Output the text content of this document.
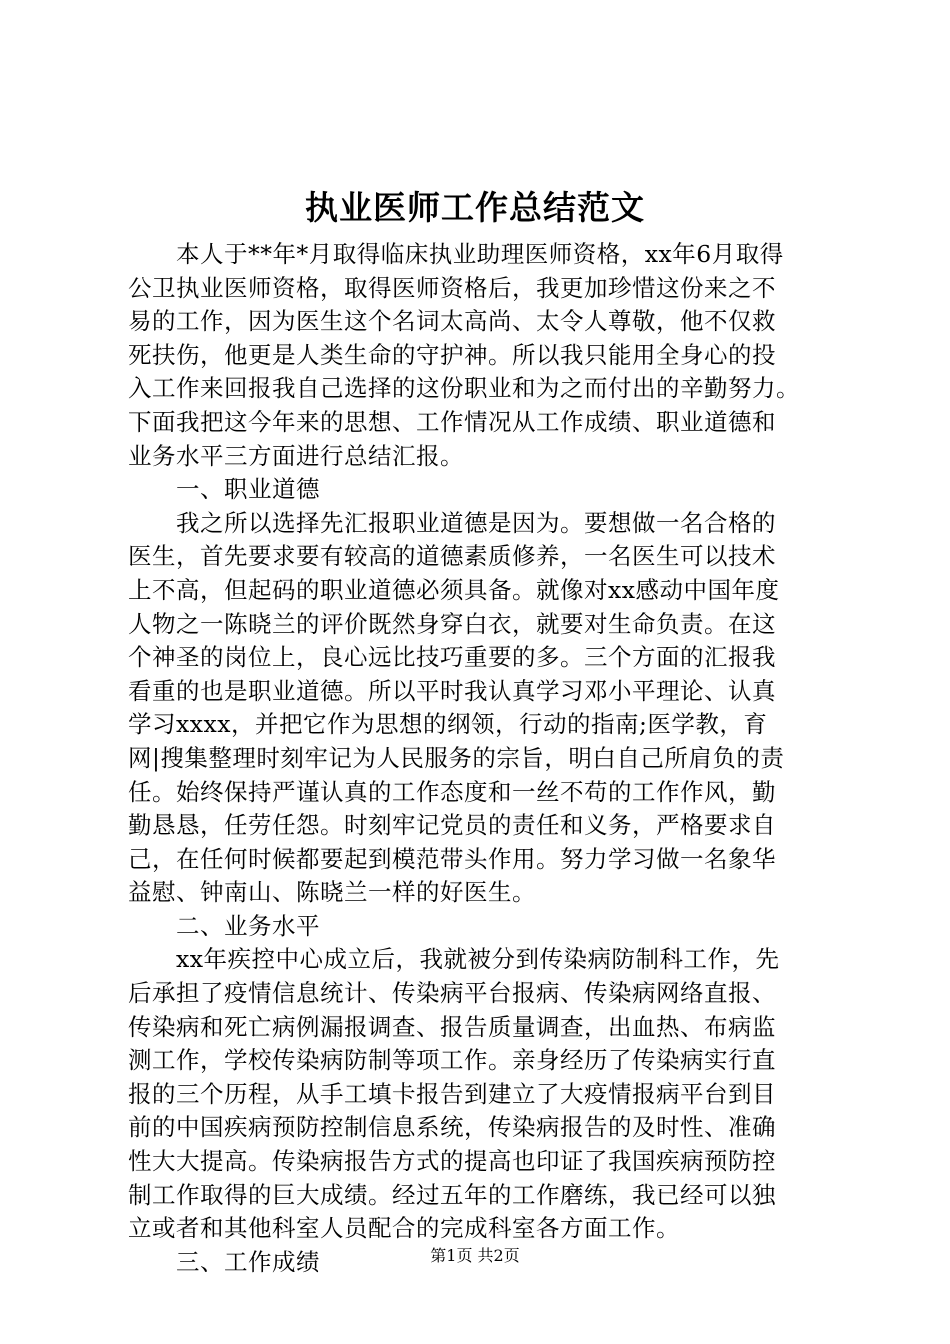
执业医师工作总结范文
　　本人于**年*月取得临床执业助理医师资格，xx年6月取得
公卫执业医师资格，取得医师资格后，我更加珍惜这份来之不
易的工作，因为医生这个名词太高尚、太令人尊敬，他不仅救
死扶伤，他更是人类生命的守护神。所以我只能用全身心的投
入工作来回报我自己选择的这份职业和为之而付出的辛勤努力。
下面我把这今年来的思想、工作情况从工作成绩、职业道德和
业务水平三方面进行总结汇报。
　　一、职业道德
　　我之所以选择先汇报职业道德是因为。要想做一名合格的
医生，首先要求要有较高的道德素质修养，一名医生可以技术
上不高，但起码的职业道德必须具备。就像对xx感动中国年度
人物之一陈晓兰的评价既然身穿白衣，就要对生命负责。在这
个神圣的岗位上，良心远比技巧重要的多。三个方面的汇报我
看重的也是职业道德。所以平时我认真学习邓小平理论、认真
学习xxxx，并把它作为思想的纲领，行动的指南;医学教，育
网|搜集整理时刻牢记为人民服务的宗旨，明白自己所肩负的责
任。始终保持严谨认真的工作态度和一丝不苟的工作作风，勤
勤恳恳，任劳任怨。时刻牢记党员的责任和义务，严格要求自
己，在任何时候都要起到模范带头作用。努力学习做一名象华
益慰、钟南山、陈晓兰一样的好医生。
　　二、业务水平
　　xx年疾控中心成立后，我就被分到传染病防制科工作，先
后承担了疫情信息统计、传染病平台报病、传染病网络直报、
传染病和死亡病例漏报调查、报告质量调查，出血热、布病监
测工作，学校传染病防制等项工作。亲身经历了传染病实行直
报的三个历程，从手工填卡报告到建立了大疫情报病平台到目
前的中国疾病预防控制信息系统，传染病报告的及时性、准确
性大大提高。传染病报告方式的提高也印证了我国疾病预防控
制工作取得的巨大成绩。经过五年的工作磨练，我已经可以独
立或者和其他科室人员配合的完成科室各方面工作。
　　三、工作成绩	第1页 共2页
